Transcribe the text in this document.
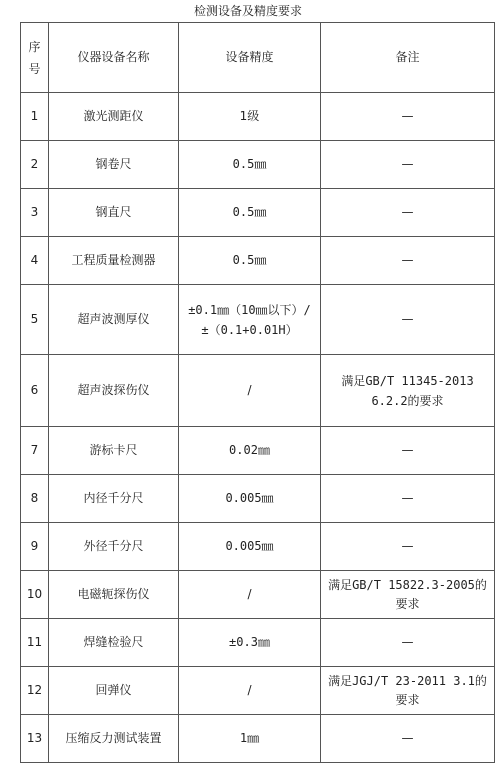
检测设备及精度要求
序号	仪器设备名称	设备精度	备注
1	激光测距仪	1级	—
2	钢卷尺	0.5㎜	—
3	钢直尺	0.5㎜	—
4	工程质量检测器	0.5㎜	—
5	超声波测厚仪	±0.1㎜（10㎜以下）/ ±（0.1+0.01H）	—
6	超声波探伤仪	/	满足GB/T 11345-2013 6.2.2的要求
7	游标卡尺	0.02㎜	—
8	内径千分尺	0.005㎜	—
9	外径千分尺	0.005㎜	—
10	电磁轭探伤仪	/	满足GB/T 15822.3-2005的要求
11	焊缝检验尺	±0.3㎜	—
12	回弹仪	/	满足JGJ/T 23-2011 3.1的要求
13	压缩反力测试装置	1㎜	—
